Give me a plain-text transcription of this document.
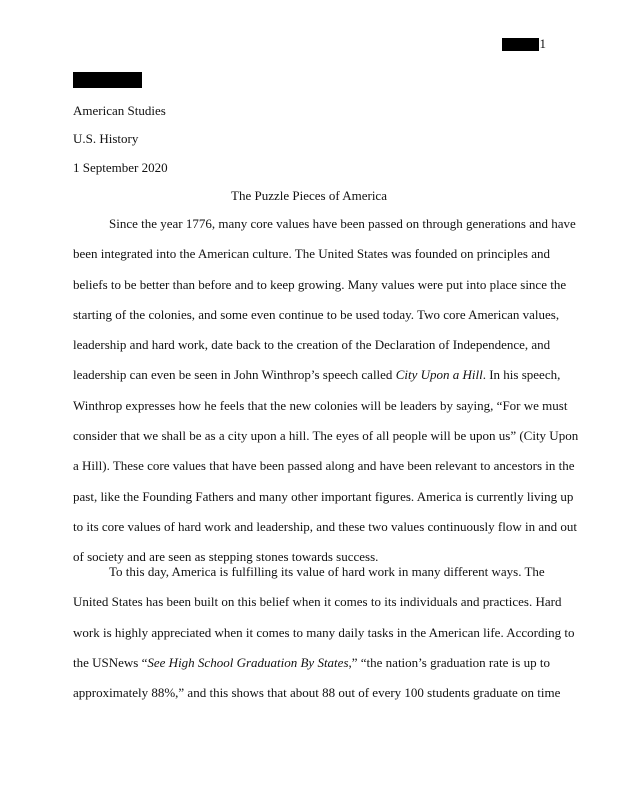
1
American Studies
U.S. History
1 September 2020
The Puzzle Pieces of America
Since the year 1776, many core values have been passed on through generations and have
been integrated into the American culture. The United States was founded on principles and
beliefs to be better than before and to keep growing. Many values were put into place since the
starting of the colonies, and some even continue to be used today. Two core American values,
leadership and hard work, date back to the creation of the Declaration of Independence, and
leadership can even be seen in John Winthrop’s speech called City Upon a Hill. In his speech,
Winthrop expresses how he feels that the new colonies will be leaders by saying, “For we must
consider that we shall be as a city upon a hill. The eyes of all people will be upon us” (City Upon
a Hill). These core values that have been passed along and have been relevant to ancestors in the
past, like the Founding Fathers and many other important figures. America is currently living up
to its core values of hard work and leadership, and these two values continuously flow in and out
of society and are seen as stepping stones towards success.
To this day, America is fulfilling its value of hard work in many different ways. The
United States has been built on this belief when it comes to its individuals and practices. Hard
work is highly appreciated when it comes to many daily tasks in the American life. According to
the USNews “See High School Graduation By States,” “the nation’s graduation rate is up to
approximately 88%,” and this shows that about 88 out of every 100 students graduate on time
